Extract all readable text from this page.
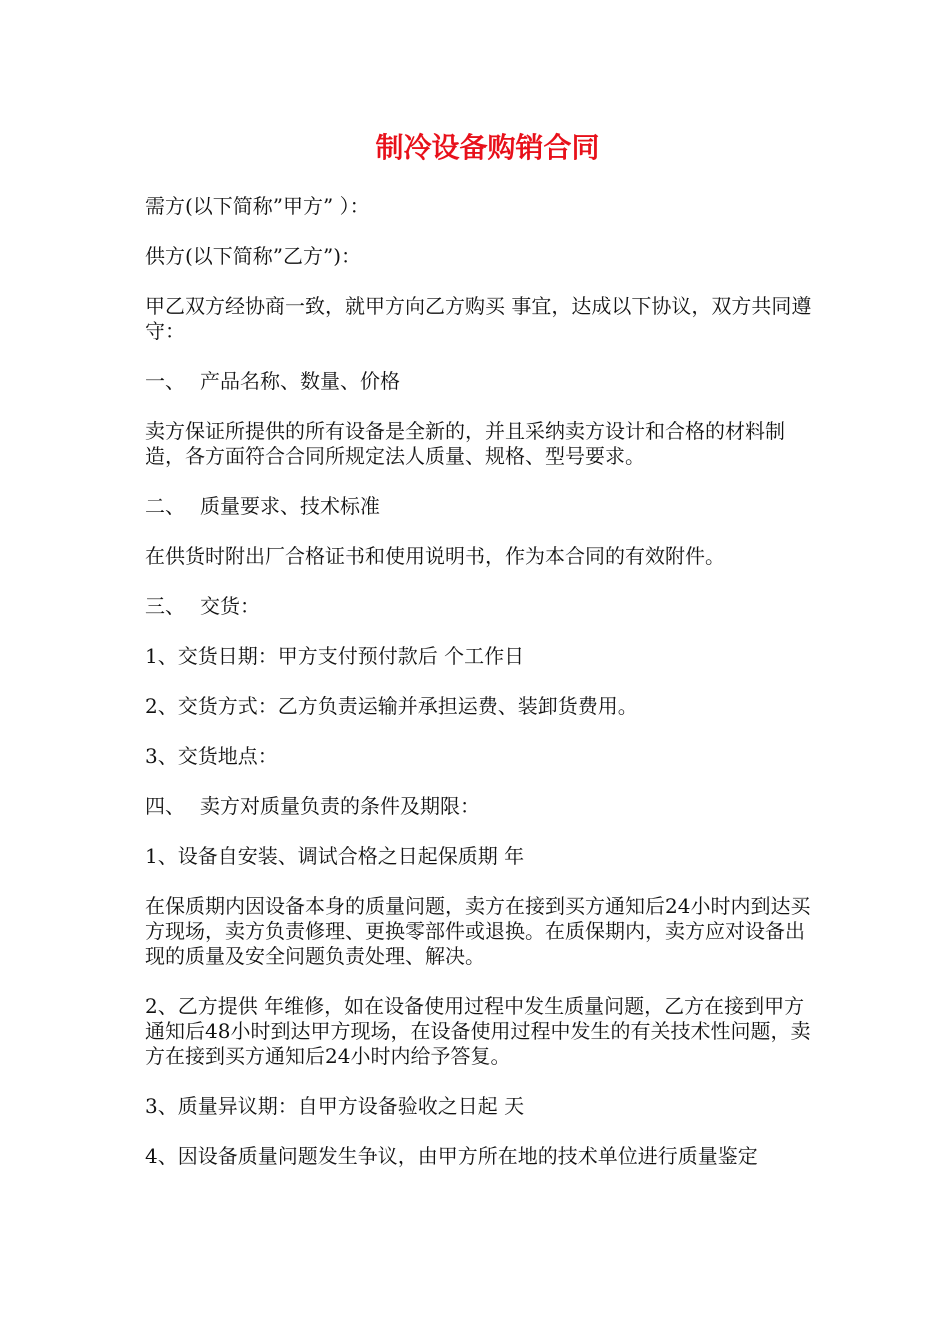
制冷设备购销合同
需方(以下简称”甲方” ）：
供方(以下简称”乙方”)：
甲乙双方经协商一致，就甲方向乙方购买 事宜，达成以下协议，双方共同遵守：
一、 产品名称、数量、价格
卖方保证所提供的所有设备是全新的，并且采纳卖方设计和合格的材料制造，各方面符合合同所规定法人质量、规格、型号要求。
二、 质量要求、技术标准
在供货时附出厂合格证书和使用说明书，作为本合同的有效附件。
三、 交货：
1、交货日期：甲方支付预付款后 个工作日
2、交货方式：乙方负责运输并承担运费、装卸货费用。
3、交货地点：
四、 卖方对质量负责的条件及期限：
1、设备自安装、调试合格之日起保质期 年
在保质期内因设备本身的质量问题，卖方在接到买方通知后24小时内到达买方现场，卖方负责修理、更换零部件或退换。在质保期内，卖方应对设备出现的质量及安全问题负责处理、解决。
2、乙方提供 年维修，如在设备使用过程中发生质量问题，乙方在接到甲方通知后48小时到达甲方现场，在设备使用过程中发生的有关技术性问题，卖方在接到买方通知后24小时内给予答复。
3、质量异议期：自甲方设备验收之日起 天
4、因设备质量问题发生争议，由甲方所在地的技术单位进行质量鉴定
